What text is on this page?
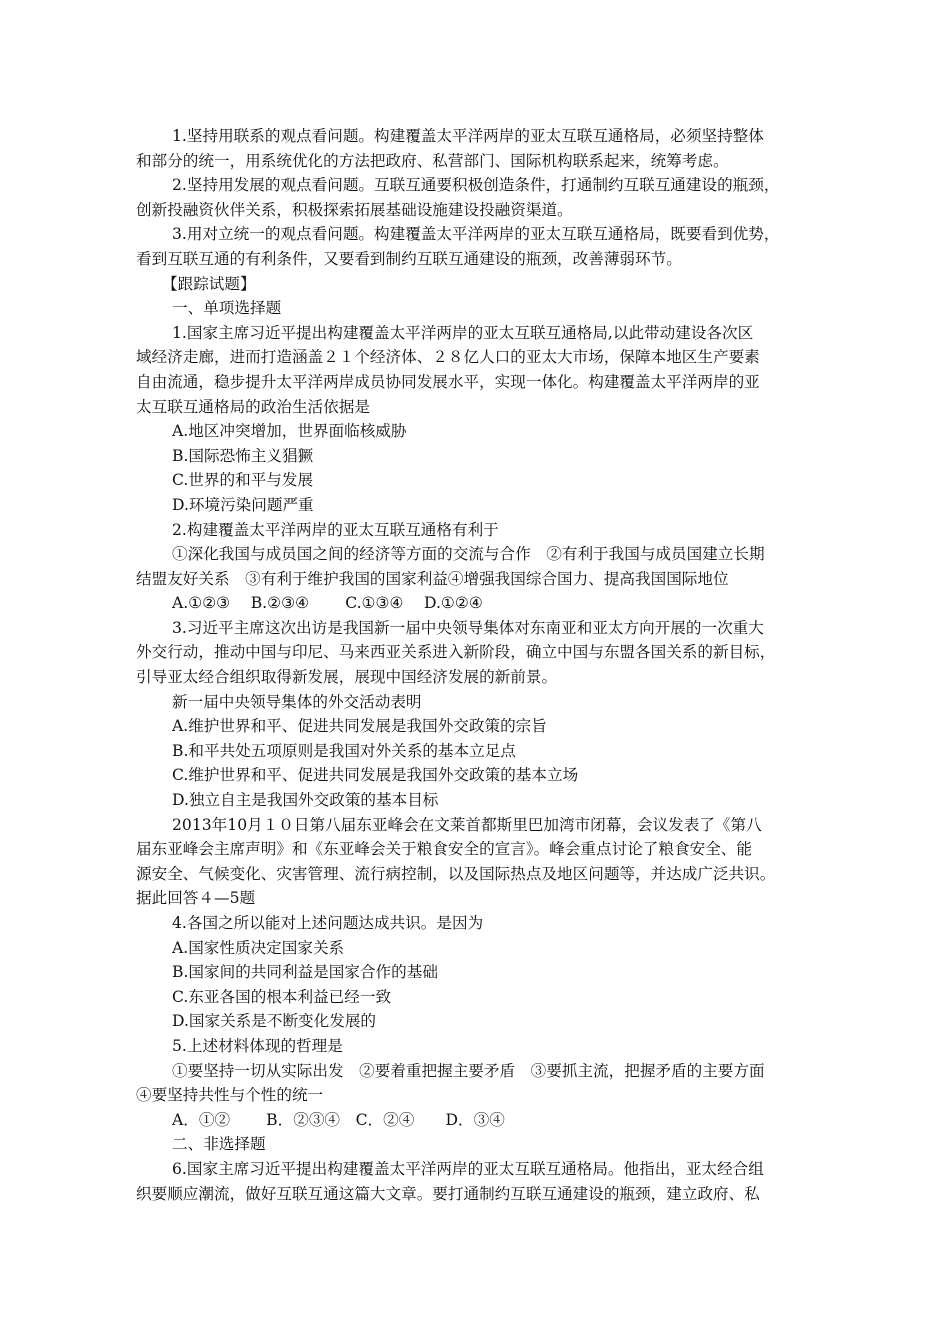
1.坚持用联系的观点看问题。构建覆盖太平洋两岸的亚太互联互通格局，必须坚持整体
和部分的统一，用系统优化的方法把政府、私营部门、国际机构联系起来，统筹考虑。
2.坚持用发展的观点看问题。互联互通要积极创造条件，打通制约互联互通建设的瓶颈，
创新投融资伙伴关系，积极探索拓展基础设施建设投融资渠道。
3.用对立统一的观点看问题。构建覆盖太平洋两岸的亚太互联互通格局，既要看到优势，
看到互联互通的有利条件，又要看到制约互联互通建设的瓶颈，改善薄弱环节。
【跟踪试题】
一、单项选择题
1.国家主席习近平提出构建覆盖太平洋两岸的亚太互联互通格局,以此带动建设各次区
域经济走廊，进而打造涵盖２１个经济体、２８亿人口的亚太大市场，保障本地区生产要素
自由流通，稳步提升太平洋两岸成员协同发展水平，实现一体化。构建覆盖太平洋两岸的亚
太互联互通格局的政治生活依据是
A.地区冲突增加，世界面临核威胁
B.国际恐怖主义猖獗
C.世界的和平与发展
D.环境污染问题严重
2.构建覆盖太平洋两岸的亚太互联互通格有利于
①深化我国与成员国之间的经济等方面的交流与合作　②有利于我国与成员国建立长期
结盟友好关系　③有利于维护我国的国家利益④增强我国综合国力、提高我国国际地位
A.①②③　 B.②③④　　 C.①③④　 D.①②④
3.习近平主席这次出访是我国新一届中央领导集体对东南亚和亚太方向开展的一次重大
外交行动，推动中国与印尼、马来西亚关系进入新阶段，确立中国与东盟各国关系的新目标，
引导亚太经合组织取得新发展，展现中国经济发展的新前景。
新一届中央领导集体的外交活动表明
A.维护世界和平、促进共同发展是我国外交政策的宗旨
B.和平共处五项原则是我国对外关系的基本立足点
C.维护世界和平、促进共同发展是我国外交政策的基本立场
D.独立自主是我国外交政策的基本目标
2013年10月１０日第八届东亚峰会在文莱首都斯里巴加湾市闭幕，会议发表了《第八
届东亚峰会主席声明》和《东亚峰会关于粮食安全的宣言》。峰会重点讨论了粮食安全、能
源安全、气候变化、灾害管理、流行病控制，以及国际热点及地区问题等，并达成广泛共识。
据此回答４—5题
4.各国之所以能对上述问题达成共识。是因为
A.国家性质决定国家关系
B.国家间的共同利益是国家合作的基础
C.东亚各国的根本利益已经一致
D.国家关系是不断变化发展的
5.上述材料体现的哲理是
①要坚持一切从实际出发　②要着重把握主要矛盾　③要抓主流，把握矛盾的主要方面
④要坚持共性与个性的统一
A．①②　　 B．②③④　C．②④　　D．③④
二、非选择题
6.国家主席习近平提出构建覆盖太平洋两岸的亚太互联互通格局。他指出，亚太经合组
织要顺应潮流，做好互联互通这篇大文章。要打通制约互联互通建设的瓶颈，建立政府、私
